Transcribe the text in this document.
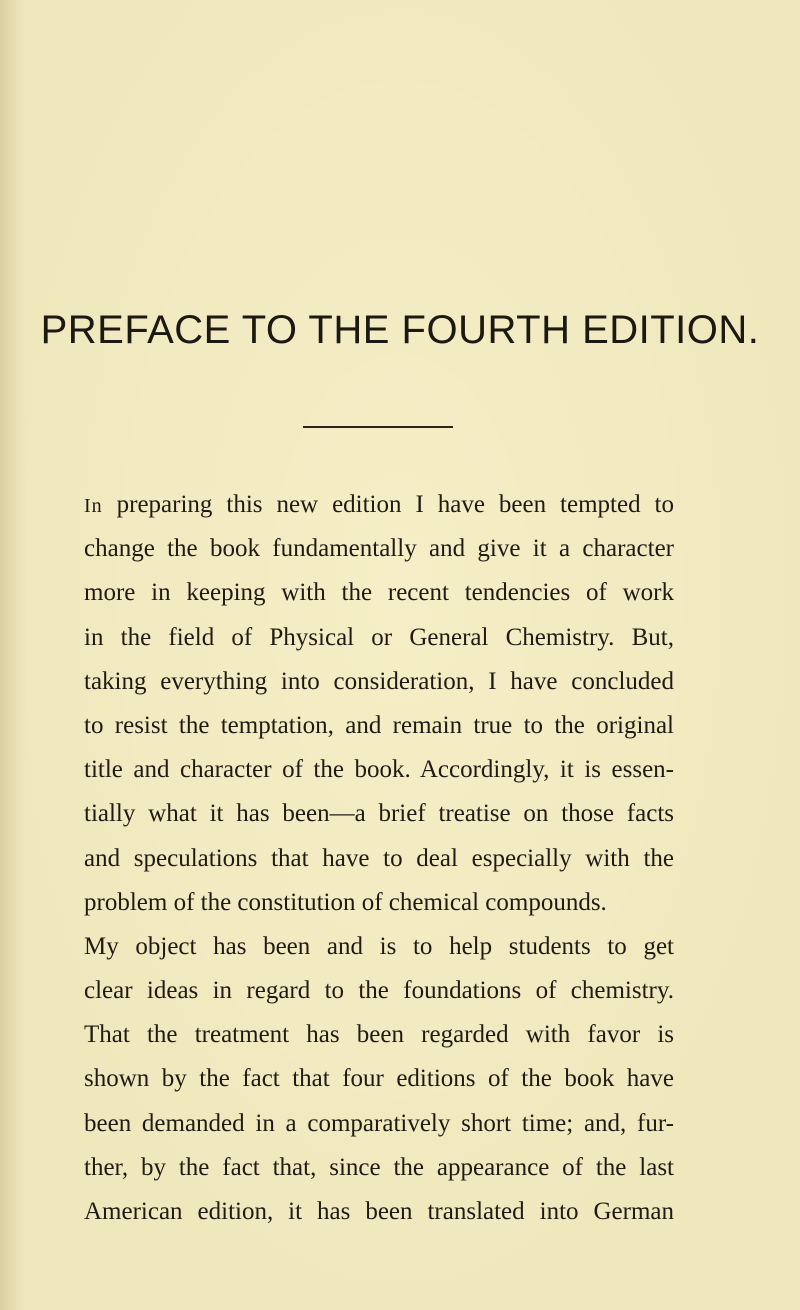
PREFACE TO THE FOURTH EDITION.
In preparing this new edition I have been tempted to
change the book fundamentally and give it a character
more in keeping with the recent tendencies of work
in the field of Physical or General Chemistry. But,
taking everything into consideration, I have concluded
to resist the temptation, and remain true to the original
title and character of the book. Accordingly, it is essen-
tially what it has been—a brief treatise on those facts
and speculations that have to deal especially with the
problem of the constitution of chemical compounds.
My object has been and is to help students to get
clear ideas in regard to the foundations of chemistry.
That the treatment has been regarded with favor is
shown by the fact that four editions of the book have
been demanded in a comparatively short time; and, fur-
ther, by the fact that, since the appearance of the last
American edition, it has been translated into German
